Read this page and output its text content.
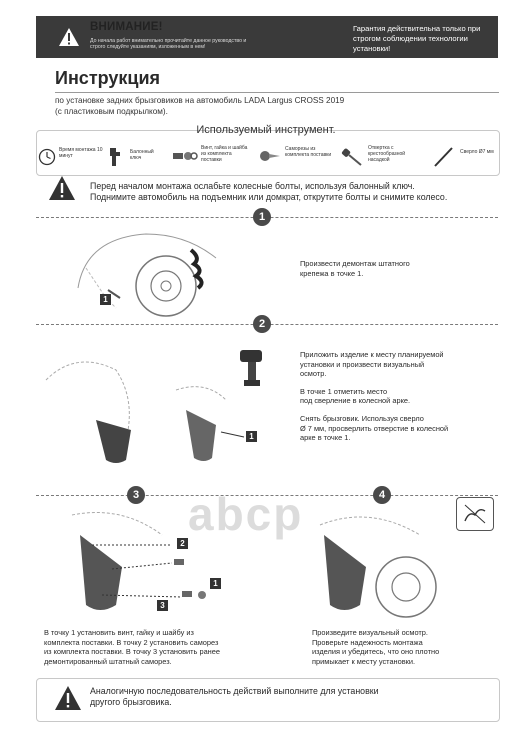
ВНИМАНИЕ!
До начала работ внимательно прочитайте данное руководство и строго следуйте указаниям, изложенным в нем!
Гарантия действительна только при строгом соблюдении технологии установки!
Инструкция
по установке задних брызговиков на автомобиль LADA Largus CROSS 2019
(с пластиковым подкрылком).
Используемый инструмент.
Время монтажа 10 минут
Балонный ключ
Винт, гайка и шайба из комплекта поставки
Саморезы из комплекта поставки
Отвертка с крестообразной насадкой
Сверло Ø7 мм
Перед началом монтажа ослабьте колесные болты, используя балонный ключ.
Поднимите автомобиль на подъемник или домкрат, открутите болты и снимите колесо.
1
1
Произвести демонтаж штатного
крепежа в точке 1.
2
1
Приложить изделие к месту планируемой
установки и произвести визуальный
осмотр.
В точке 1 отметить место
под сверление в колесной арке.
Снять брызговик. Используя сверло
Ø 7 мм, просверлить отверстие в колесной
арке в точке 1.
3	4
аbсp
2
1
3
В точку 1 установить винт, гайку и шайбу из
комплекта поставки. В точку 2 установить саморез
из комплекта поставки. В точку 3 установить ранее
демонтированный штатный саморез.
Произведите визуальный осмотр.
Проверьте надежность монтажа
изделия и убедитесь, что оно плотно
примыкает к месту установки.
Аналогичную последовательность действий выполните для установки
другого брызговика.
